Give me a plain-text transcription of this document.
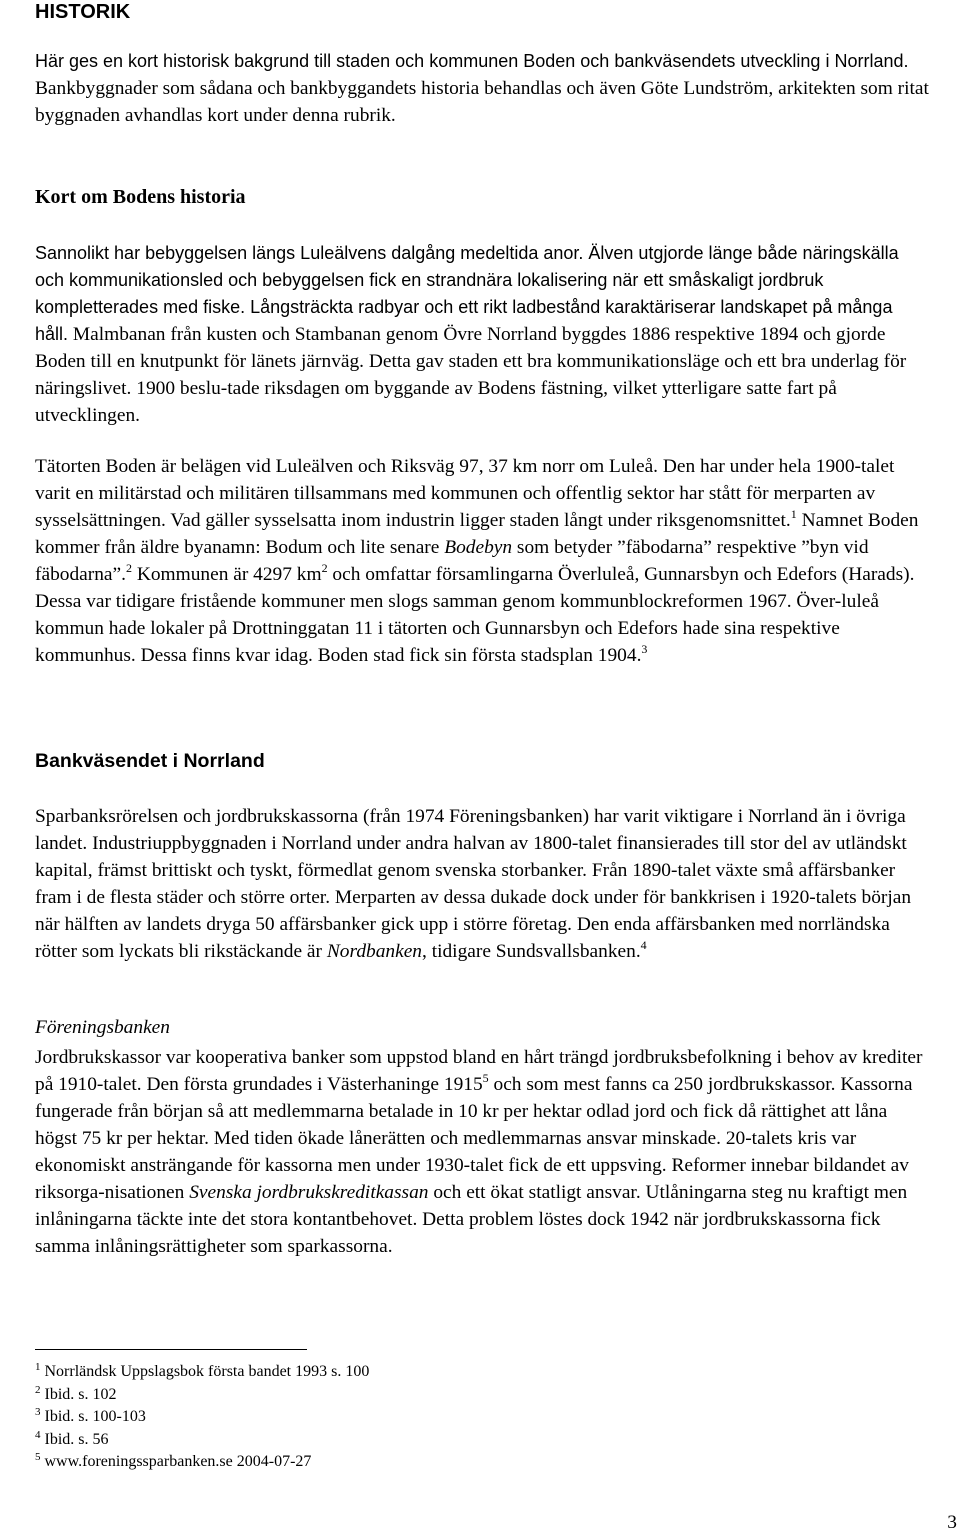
HISTORIK

Här ges en kort historisk bakgrund till staden och kommunen Boden och bankväsendets utveckling i Norrland. Bankbyggnader som sådana och bankbyggandets historia behandlas och även Göte Lundström, arkitekten som ritat byggnaden avhandlas kort under denna rubrik.

Kort om Bodens historia

Sannolikt har bebyggelsen längs Luleälvens dalgång medeltida anor. Älven utgjorde länge både näringskälla och kommunikationsled och bebyggelsen fick en strandnära lokalisering när ett småskaligt jordbruk kompletterades med fiske. Långsträckta radbyar och ett rikt ladbestånd karaktäriserar landskapet på många håll. Malmbanan från kusten och Stambanan genom Övre Norrland byggdes 1886 respektive 1894 och gjorde Boden till en knutpunkt för länets järnväg. Detta gav staden ett bra kommunikationsläge och ett bra underlag för näringslivet. 1900 beslu-tade riksdagen om byggande av Bodens fästning, vilket ytterligare satte fart på utvecklingen.

Tätorten Boden är belägen vid Luleälven och Riksväg 97, 37 km norr om Luleå. Den har under hela 1900-talet varit en militärstad och militären tillsammans med kommunen och offentlig sektor har stått för merparten av sysselsättningen. Vad gäller sysselsatta inom industrin ligger staden långt under riksgenomsnittet.$^1$ Namnet Boden kommer från äldre byanamn: Bodum och lite senare Bodebyn som betyder ”fäbodarna” respektive ”byn vid fäbodarna”.$^2$ Kommunen är 4297 $km^2$ och omfattar församlingarna Överluleå, Gunnarsbyn och Edefors (Harads). Dessa var tidigare fristående kommuner men slogs samman genom kommunblockreformen 1967. Över-luleå kommun hade lokaler på Drottninggatan 11 i tätorten och Gunnarsbyn och Edefors hade sina respektive kommunhus. Dessa finns kvar idag. Boden stad fick sin första stadsplan 1904.$^3$

Bankväsendet i Norrland

Sparbanksrörelsen och jordbrukskassorna (från 1974 Föreningsbanken) har varit viktigare i Norrland än i övriga landet. Industriuppbyggnaden i Norrland under andra halvan av 1800-talet finansierades till stor del av utländskt kapital, främst brittiskt och tyskt, förmedlat genom svenska storbanker. Från 1890-talet växte små affärsbanker fram i de flesta städer och större orter. Merparten av dessa dukade dock under för bankkrisen i 1920-talets början när hälften av landets dryga 50 affärsbanker gick upp i större företag. Den enda affärsbanken med norrländska rötter som lyckats bli rikstäckande är Nordbanken, tidigare Sundsvallsbanken.$^4$

Föreningsbanken

Jordbrukskassor var kooperativa banker som uppstod bland en hårt trängd jordbruksbefolkning i behov av krediter på 1910-talet. Den första grundades i Västerhaninge 1915$^5$ och som mest fanns ca 250 jordbrukskassor. Kassorna fungerade från början så att medlemmarna betalade in 10 kr per hektar odlad jord och fick då rättighet att låna högst 75 kr per hektar. Med tiden ökade lånerätten och medlemmarnas ansvar minskade. 20-talets kris var ekonomiskt ansträngande för kassorna men under 1930-talet fick de ett uppsving. Reformer innebar bildandet av riksorga-nisationen Svenska jordbrukskreditkassan och ett ökat statligt ansvar. Utlåningarna steg nu kraftigt men inlåningarna täckte inte det stora kontantbehovet. Detta problem löstes dock 1942 när jordbrukskassorna fick samma inlåningsrättigheter som sparkassorna.

$^1$ Norrländsk Uppslagsbok första bandet 1993 s. 100

$^2$ Ibid. s. 102

$^3$ Ibid. s. 100-103

$^4$ Ibid. s. 56

$^5$ www.foreningssparbanken.se 2004-07-27

3
